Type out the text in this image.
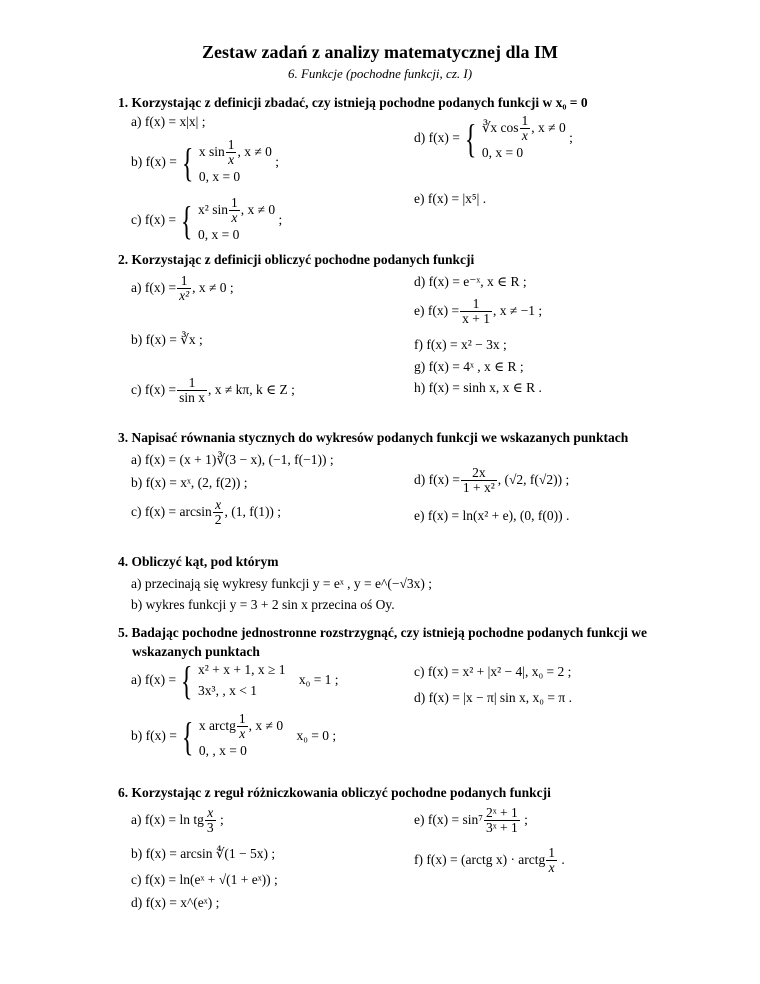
Zestaw zadań z analizy matematycznej dla IM
6. Funkcje (pochodne funkcji, cz. I)
1. Korzystając z definicji zbadać, czy istnieją pochodne podanych funkcji w x₀ = 0
a) f(x) = x|x| ;
b) f(x) = { x $\sin \frac{1}{x}$ , x ≠ 0
0, x = 0
;
c) f(x) = { x² $\sin \frac{1}{x}$ , x ≠ 0
0, x = 0
;
d) f(x) = { ∛x $\cos \frac{1}{x}$ , x ≠ 0
0, x = 0
;
e) f(x) = |x⁵| .
2. Korzystając z definicji obliczyć pochodne podanych funkcji
a) $f(x) = \frac{1}{\text{x²}}$ , x ≠ 0 ;
b) f(x) = ∛x ;
c) $f(x) = \frac{1}{\text{sin x}}$ , x ≠ kπ, k ∈ Z ;
d) f(x) = e⁻ˣ, x ∈ R ;
e) $f(x) = \frac{1}{x + 1}$ , x ≠ −1 ;
f) f(x) = x² − 3x ;
g) f(x) = 4ˣ , x ∈ R ;
h) f(x) = sinh x, x ∈ R .
3. Napisać równania stycznych do wykresów podanych funkcji we wskazanych punktach
a) f(x) = (x + 1)∛(3 − x), (−1, f(−1)) ;
b) f(x) = xˣ, (2, f(2)) ;
c) $f(x) = \arcsin \frac{x}{2}$ , (1, f(1)) ;
d) $f(x) = \frac{2x}{\text{1 + x²}}$ , (√2, f(√2)) ;
e) f(x) = ln(x² + e), (0, f(0)) .
4. Obliczyć kąt, pod którym
a) przecinają się wykresy funkcji y = eˣ , y = e^(−√3x) ;
b) wykres funkcji y = 3 + 2 sin x przecina oś Oy.
5. Badając pochodne jednostronne rozstrzygnąć, czy istnieją pochodne podanych funkcji we
wskazanych punktach
a) f(x) = { x² + x + 1, x ≥ 1
3x³, , x < 1
x₀ = 1 ;
b) f(x) = { x arctg $\frac{1}{x}$ , x ≠ 0
0, , x = 0
x₀ = 0 ;
c) f(x) = x² + |x² − 4|, x₀ = 2 ;
d) f(x) = |x − π| sin x, x₀ = π .
6. Korzystając z reguł różniczkowania obliczyć pochodne podanych funkcji
a) f(x) = ln tg $\frac{x}{3}$ ;
b) f(x) = arcsin ∜(1 − 5x) ;
c) f(x) = ln(eˣ + √(1 + eˣ)) ;
d) f(x) = x^(eˣ) ;
e) $f(x) = \sin^7 \frac{\text{2ˣ + 1}}{\text{3ˣ + 1}}$ ;
f) f(x) = (arctg x) · arctg $\frac{1}{x}$ .
